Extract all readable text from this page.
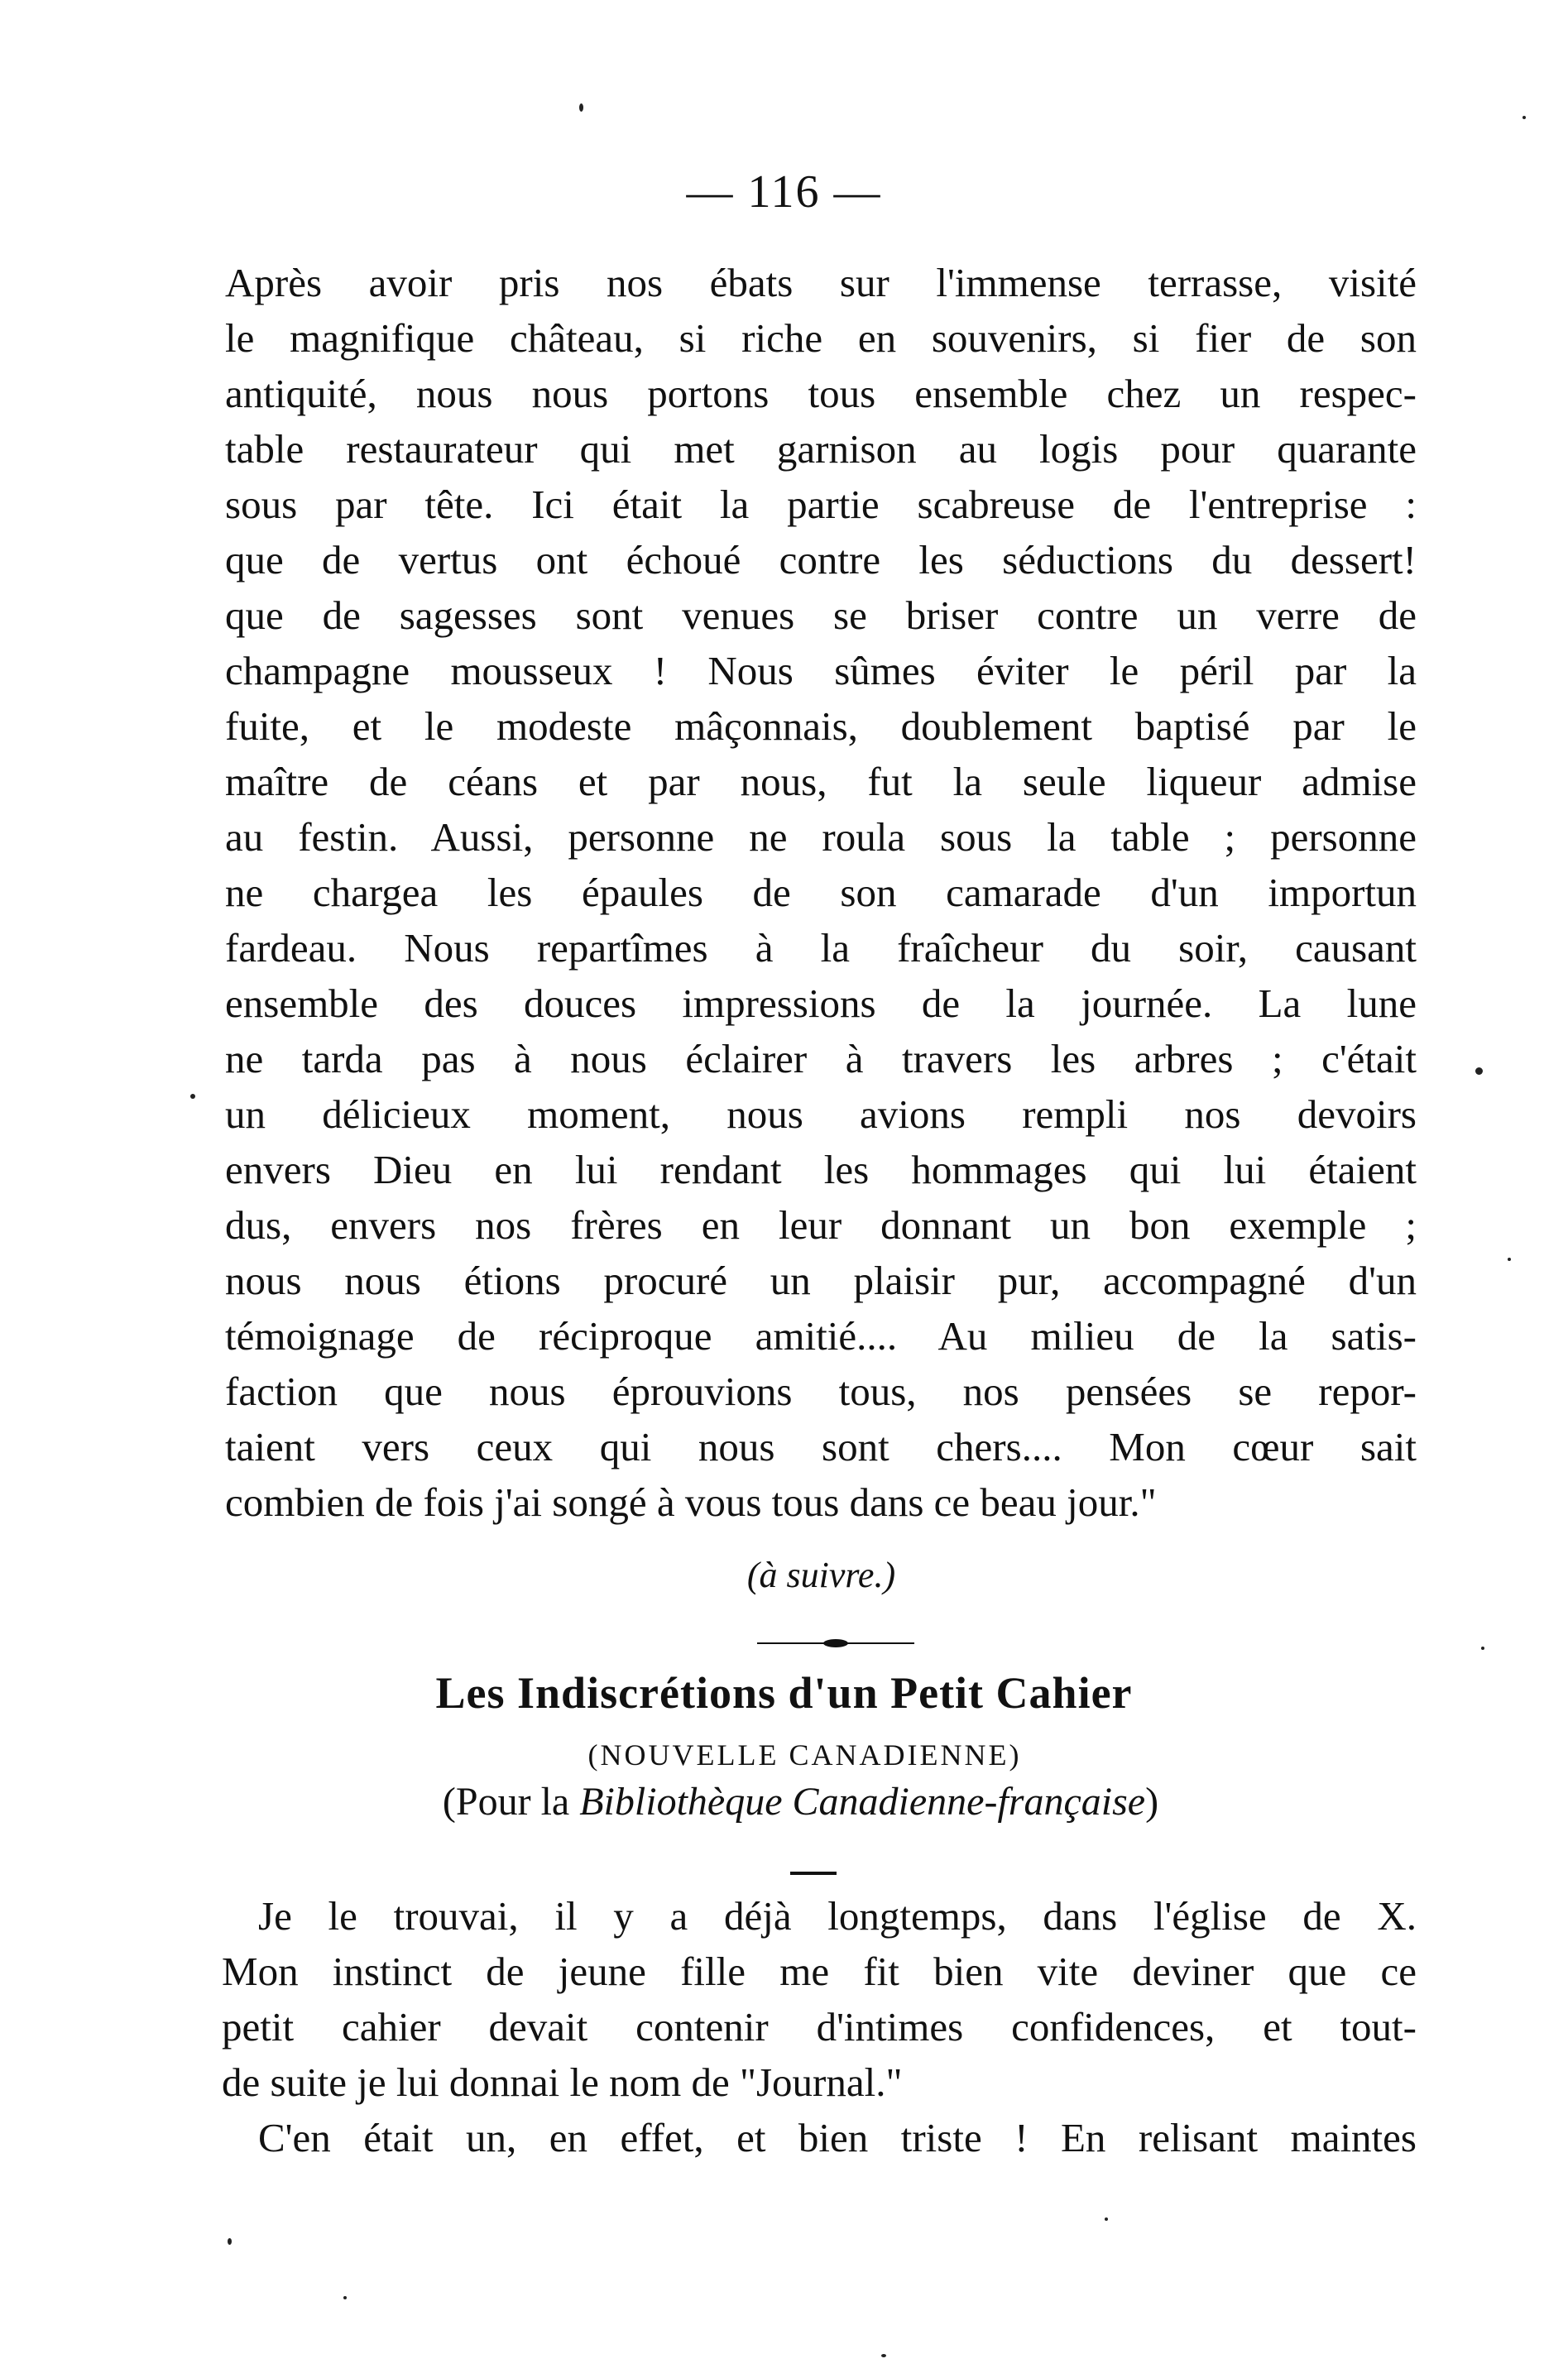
— 116 —
Après avoir pris nos ébats sur l'immense terrasse, visité
le magnifique château, si riche en souvenirs, si fier de son
antiquité, nous nous portons tous ensemble chez un respec-
table restaurateur qui met garnison au logis pour quarante
sous par tête. Ici était la partie scabreuse de l'entreprise :
que de vertus ont échoué contre les séductions du dessert!
que de sagesses sont venues se briser contre un verre de
champagne mousseux ! Nous sûmes éviter le péril par la
fuite, et le modeste mâçonnais, doublement baptisé par le
maître de céans et par nous, fut la seule liqueur admise
au festin. Aussi, personne ne roula sous la table ; personne
ne chargea les épaules de son camarade d'un importun
fardeau. Nous repartîmes à la fraîcheur du soir, causant
ensemble des douces impressions de la journée. La lune
ne tarda pas à nous éclairer à travers les arbres ; c'était
un délicieux moment, nous avions rempli nos devoirs
envers Dieu en lui rendant les hommages qui lui étaient
dus, envers nos frères en leur donnant un bon exemple ;
nous nous étions procuré un plaisir pur, accompagné d'un
témoignage de réciproque amitié.... Au milieu de la satis-
faction que nous éprouvions tous, nos pensées se repor-
taient vers ceux qui nous sont chers.... Mon cœur sait
combien de fois j'ai songé à vous tous dans ce beau jour."
(à suivre.)
Les Indiscrétions d'un Petit Cahier
(NOUVELLE CANADIENNE)
(Pour la Bibliothèque Canadienne-française)
Je le trouvai, il y a déjà longtemps, dans l'église de X.
Mon instinct de jeune fille me fit bien vite deviner que ce
petit cahier devait contenir d'intimes confidences, et tout-
de suite je lui donnai le nom de "Journal."
C'en était un, en effet, et bien triste ! En relisant maintes
